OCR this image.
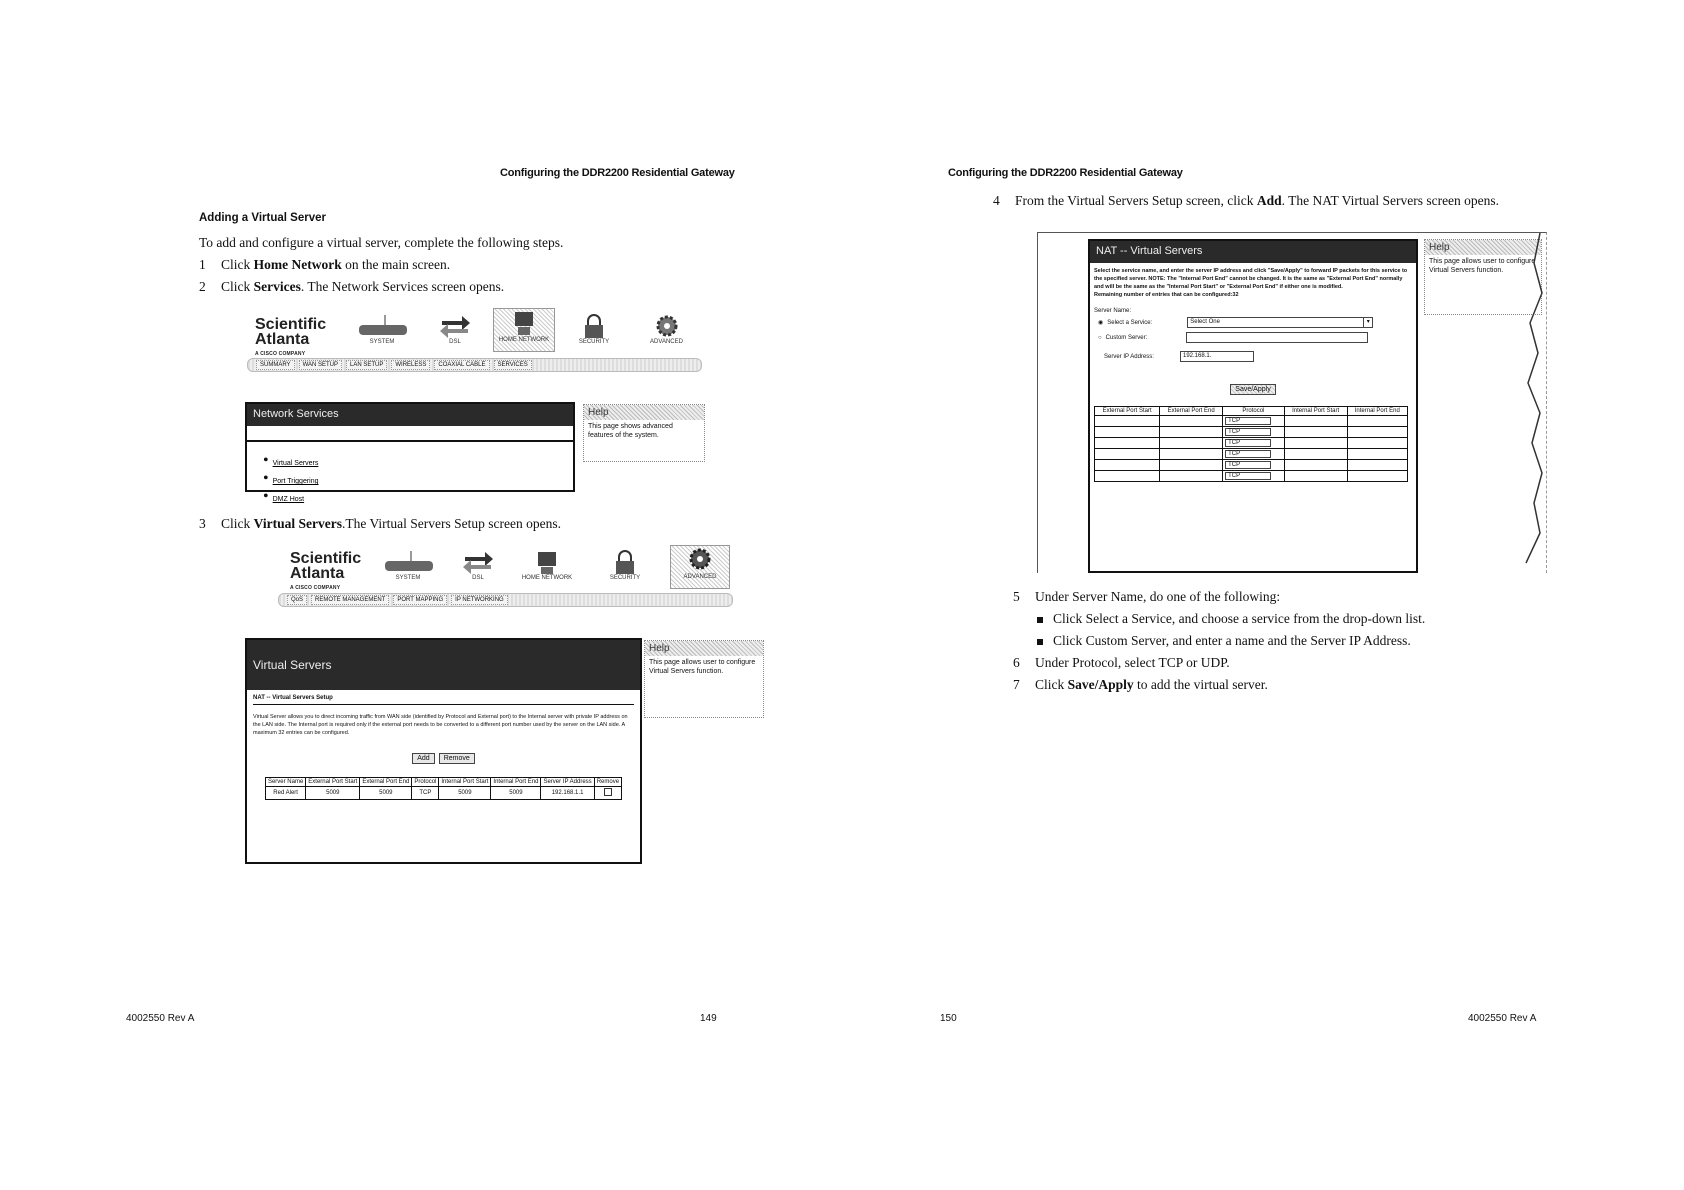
Configuring the DDR2200 Residential Gateway
Adding a Virtual Server
To add and configure a virtual server, complete the following steps.
1 Click Home Network on the main screen.
2 Click Services. The Network Services screen opens.
Scientific
Atlanta
A CISCO COMPANY
SYSTEM	DSL	HOME NETWORK	SECURITY	ADVANCED
SUMMARY	WAN SETUP	LAN SETUP	WIRELESS	COAXIAL CABLE	SERVICES
Network Services
• Virtual Servers
• Port Triggering
• DMZ Host
Help
This page shows advanced features of the system.
3 Click Virtual Servers.The Virtual Servers Setup screen opens.
Scientific
Atlanta
A CISCO COMPANY
SYSTEM	DSL	HOME NETWORK	SECURITY	ADVANCED
QoS	REMOTE MANAGEMENT	PORT MAPPING	IP NETWORKING
Virtual Servers
NAT -- Virtual Servers Setup
Virtual Server allows you to direct incoming traffic from WAN side (identified by Protocol and External port) to the Internal server with private IP address on the LAN side. The Internal port is required only if the external port needs to be converted to a different port number used by the server on the LAN side. A maximum 32 entries can be configured.
Add Remove
Server Name	External Port Start	External Port End	Protocol	Internal Port Start	Internal Port End	Server IP Address	Remove
Red Alert	5009	5009	TCP	5009	5009	192.168.1.1	
Help
This page allows user to configure Virtual Servers function.
4002550 Rev A	149
Configuring the DDR2200 Residential Gateway
4	From the Virtual Servers Setup screen, click Add. The NAT Virtual Servers screen opens.
NAT -- Virtual Servers
Select the service name, and enter the server IP address and click "Save/Apply" to forward IP packets for this service to the specified server. NOTE: The "Internal Port End" cannot be changed. It is the same as "External Port End" normally and will be the same as the "Internal Port Start" or "External Port End" if either one is modified.
Remaining number of entries that can be configured:32
Server Name:
◉ Select a Service:	Select One	▾
○ Custom Server:
Server IP Address:	192.168.1.
Save/Apply
External Port Start	External Port End	Protocol	Internal Port Start	Internal Port End
		TCP		
		TCP		
		TCP		
		TCP		
		TCP		
		TCP		
Help
This page allows user to configure Virtual Servers function.
5 Under Server Name, do one of the following:
Click Select a Service, and choose a service from the drop-down list.
Click Custom Server, and enter a name and the Server IP Address.
6 Under Protocol, select TCP or UDP.
7 Click Save/Apply to add the virtual server.
150	4002550 Rev A
